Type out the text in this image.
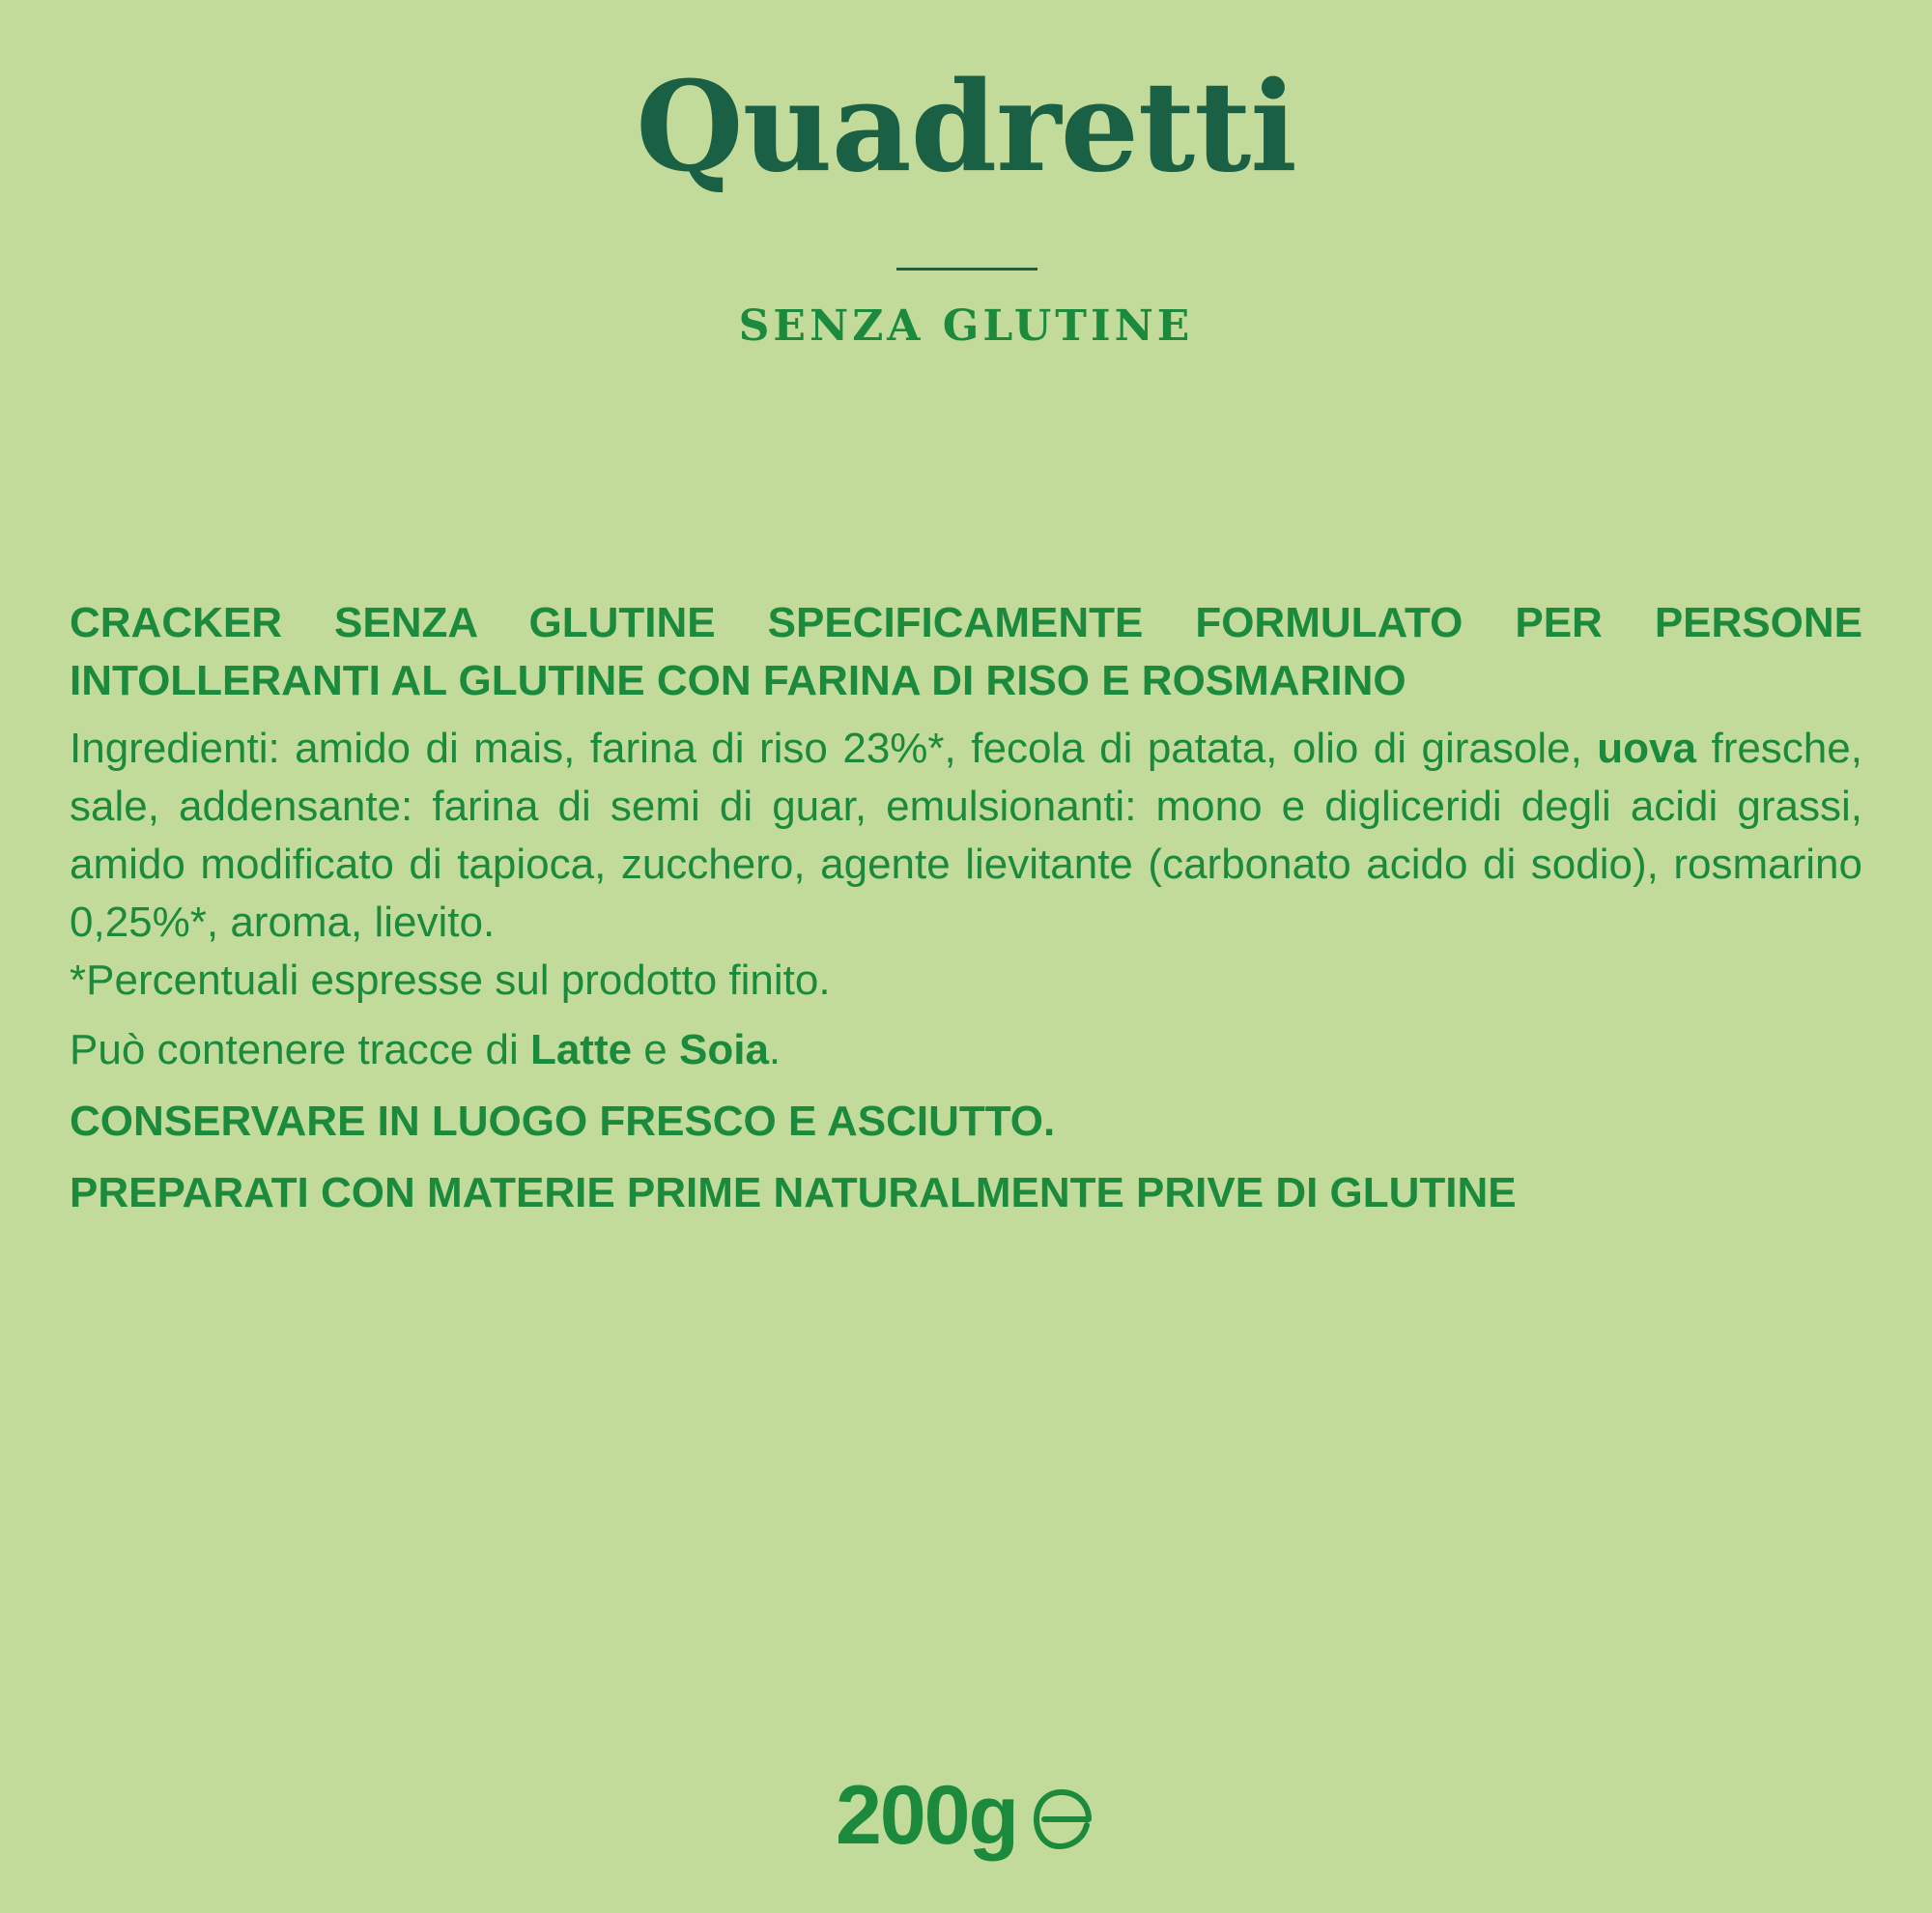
Quadretti
SENZA GLUTINE

CRACKER SENZA GLUTINE SPECIFICAMENTE FORMULATO PER PERSONE INTOLLERANTI AL GLUTINE CON FARINA DI RISO E ROSMARINO

Ingredienti: amido di mais, farina di riso 23%*, fecola di patata, olio di girasole, uova fresche, sale, addensante: farina di semi di guar, emulsionanti: mono e digliceridi degli acidi grassi, amido modificato di tapioca, zucchero, agente lievitante (carbonato acido di sodio), rosmarino 0,25%*, aroma, lievito.

*Percentuali espresse sul prodotto finito.

Può contenere tracce di Latte e Soia.

CONSERVARE IN LUOGO FRESCO E ASCIUTTO.

PREPARATI CON MATERIE PRIME NATURALMENTE PRIVE DI GLUTINE

200g
